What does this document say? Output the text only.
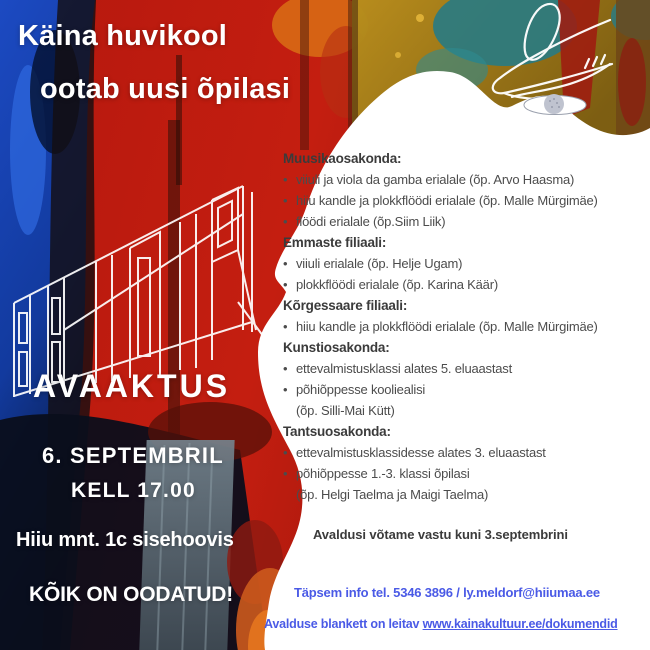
Käina huvikool
ootab uusi õpilasi
AVAAKTUS
6. SEPTEMBRIL
KELL 17.00
Hiiu mnt. 1c sisehoovis
KÕIK ON OODATUD!
Muusikaosakonda:
• viiuli ja viola da gamba erialale (õp. Arvo Haasma)
• hiiu kandle ja plokkflöödi erialale (õp. Malle Mürgimäe)
• flöödi erialale (õp.Siim Liik)
Emmaste filiaali:
• viiuli erialale (õp. Helje Ugam)
• plokkflöödi erialale (õp. Karina Käär)
Kõrgessaare filiaali:
• hiiu kandle ja plokkflöödi erialale (õp. Malle Mürgimäe)
Kunstiosakonda:
• ettevalmistusklassi alates 5. eluaastast
• põhiõppesse kooliealisi
(õp. Silli-Mai Kütt)
Tantsuosakonda:
• ettevalmistusklassidesse alates 3. eluaastast
• põhiõppesse 1.-3. klassi õpilasi
(õp. Helgi Taelma ja Maigi Taelma)
Avaldusi võtame vastu kuni 3.septembrini
Täpsem info tel. 5346 3896 / ly.meldorf@hiiumaa.ee
Avalduse blankett on leitav www.kainakultuur.ee/dokumendid
